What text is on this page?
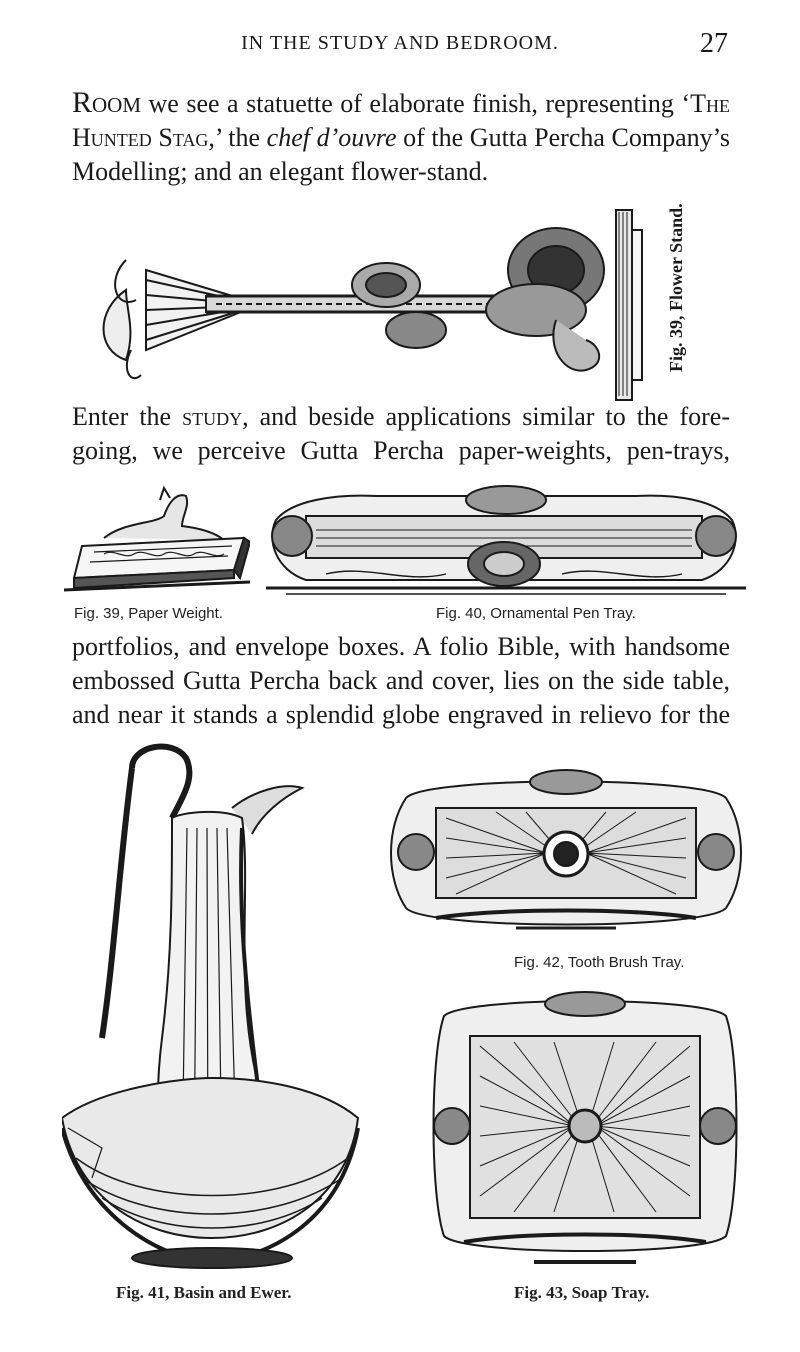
IN THE STUDY AND BEDROOM.	27
Room we see a statuette of elaborate finish, representing ‘The
Hunted Stag,’ the chef d’ouvre of the Gutta Percha Company’s
Modelling; and an elegant flower-stand.
Fig. 39, Flower Stand.
Enter the study, and beside applications similar to the fore-
going, we perceive Gutta Percha paper-weights, pen-trays,
Fig. 39, Paper Weight.	Fig. 40, Ornamental Pen Tray.
portfolios, and envelope boxes. A folio Bible, with handsome
embossed Gutta Percha back and cover, lies on the side table,
and near it stands a splendid globe engraved in relievo for the
Fig. 42, Tooth Brush Tray.
Fig. 41, Basin and Ewer.	Fig. 43, Soap Tray.
